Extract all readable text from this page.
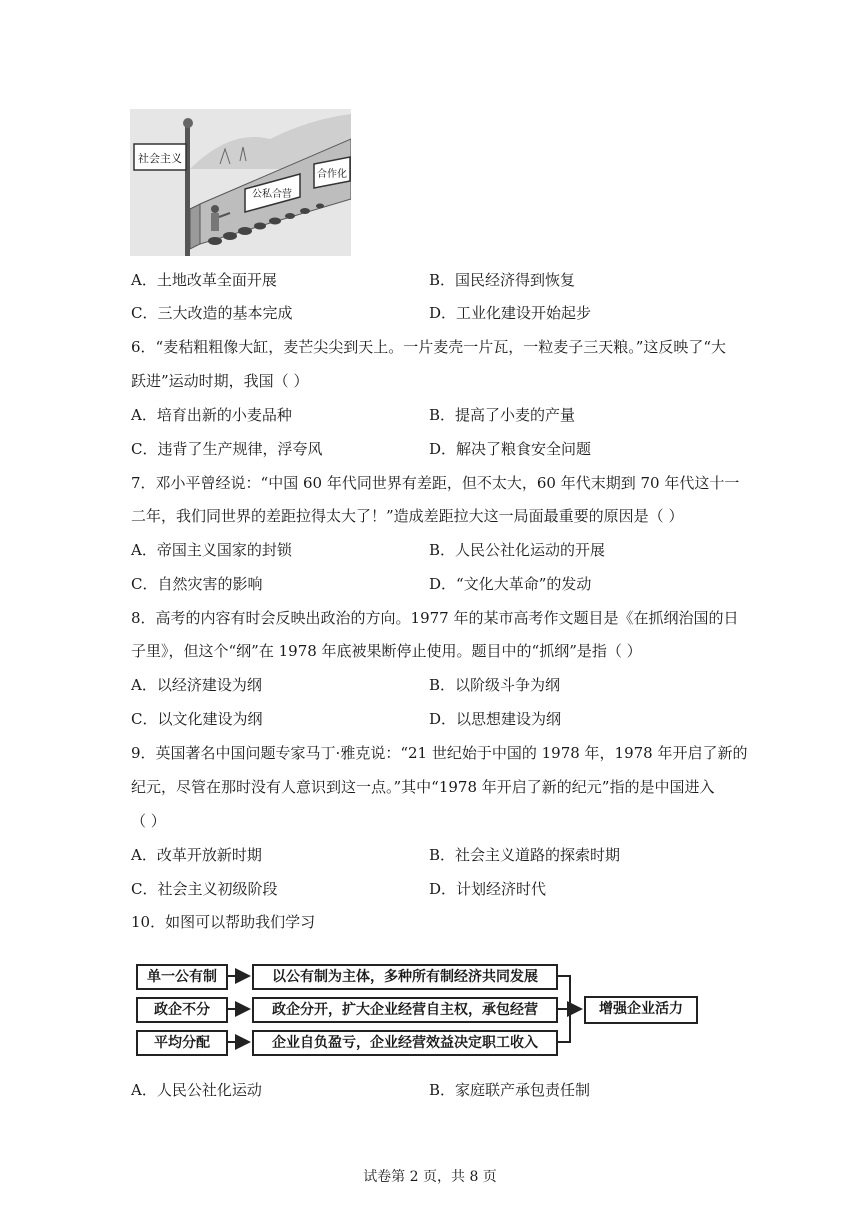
社会主义
公私合营
合作化
A．土地改革全面开展	B．国民经济得到恢复
C．三大改造的基本完成	D．工业化建设开始起步
6．“麦秸粗粗像大缸，麦芒尖尖到天上。一片麦壳一片瓦，一粒麦子三天粮。”这反映了“大
跃进”运动时期，我国（ ）
A．培育出新的小麦品种	B．提高了小麦的产量
C．违背了生产规律，浮夸风	D．解决了粮食安全问题
7．邓小平曾经说：“中国 60 年代同世界有差距，但不太大，60 年代末期到 70 年代这十一
二年，我们同世界的差距拉得太大了！”造成差距拉大这一局面最重要的原因是（ ）
A．帝国主义国家的封锁	B．人民公社化运动的开展
C．自然灾害的影响	D．“文化大革命”的发动
8．高考的内容有时会反映出政治的方向。1977 年的某市高考作文题目是《在抓纲治国的日
子里》，但这个“纲”在 1978 年底被果断停止使用。题目中的“抓纲”是指（ ）
A．以经济建设为纲	B．以阶级斗争为纲
C．以文化建设为纲	D．以思想建设为纲
9．英国著名中国问题专家马丁·雅克说：“21 世纪始于中国的 1978 年，1978 年开启了新的
纪元，尽管在那时没有人意识到这一点。”其中“1978 年开启了新的纪元”指的是中国进入
（ ）
A．改革开放新时期	B．社会主义道路的探索时期
C．社会主义初级阶段	D．计划经济时代
10．如图可以帮助我们学习
单一公有制
政企不分
平均分配
以公有制为主体，多种所有制经济共同发展
政企分开，扩大企业经营自主权，承包经营
企业自负盈亏，企业经营效益决定职工收入
增强企业活力
A．人民公社化运动	B．家庭联产承包责任制
试卷第 2 页，共 8 页
